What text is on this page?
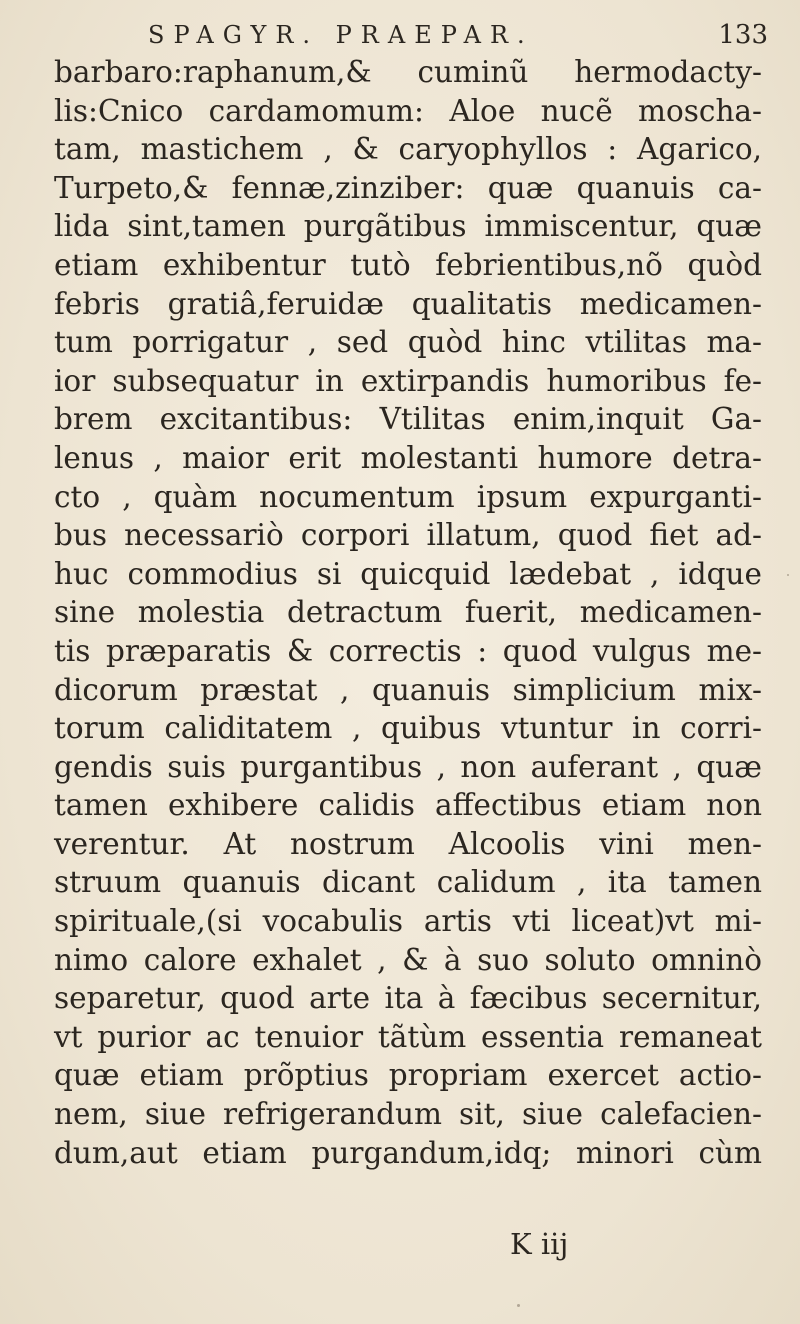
SPAGYR. PRAEPAR.	133
barbaro:raphanum,& cuminũ hermodacty-
lis:Cnico cardamomum: Aloe nucẽ moscha-
tam, mastichem , & caryophyllos : Agarico,
Turpeto,& fennæ,zinziber: quæ quanuis ca-
lida sint,tamen purgãtibus immiscentur, quæ
etiam exhibentur tutò febrientibus,nõ quòd
febris gratiâ,feruidæ qualitatis medicamen-
tum porrigatur , sed quòd hinc vtilitas ma-
ior subsequatur in extirpandis humoribus fe-
brem excitantibus: Vtilitas enim,inquit Ga-
lenus , maior erit molestanti humore detra-
cto , quàm nocumentum ipsum expurganti-
bus necessariò corpori illatum, quod fiet ad-
huc commodius si quicquid lædebat , idque
sine molestia detractum fuerit, medicamen-
tis præparatis & correctis : quod vulgus me-
dicorum præstat , quanuis simplicium mix-
torum caliditatem , quibus vtuntur in corri-
gendis suis purgantibus , non auferant , quæ
tamen exhibere calidis affectibus etiam non
verentur. At nostrum Alcoolis vini men-
struum quanuis dicant calidum , ita tamen
spirituale,(si vocabulis artis vti liceat)vt mi-
nimo calore exhalet , & à suo soluto omninò
separetur, quod arte ita à fæcibus secernitur,
vt purior ac tenuior tãtùm essentia remaneat
quæ etiam prõptius propriam exercet actio-
nem, siue refrigerandum sit, siue calefacien-
dum,aut etiam purgandum,idq; minori cùm
K iij
